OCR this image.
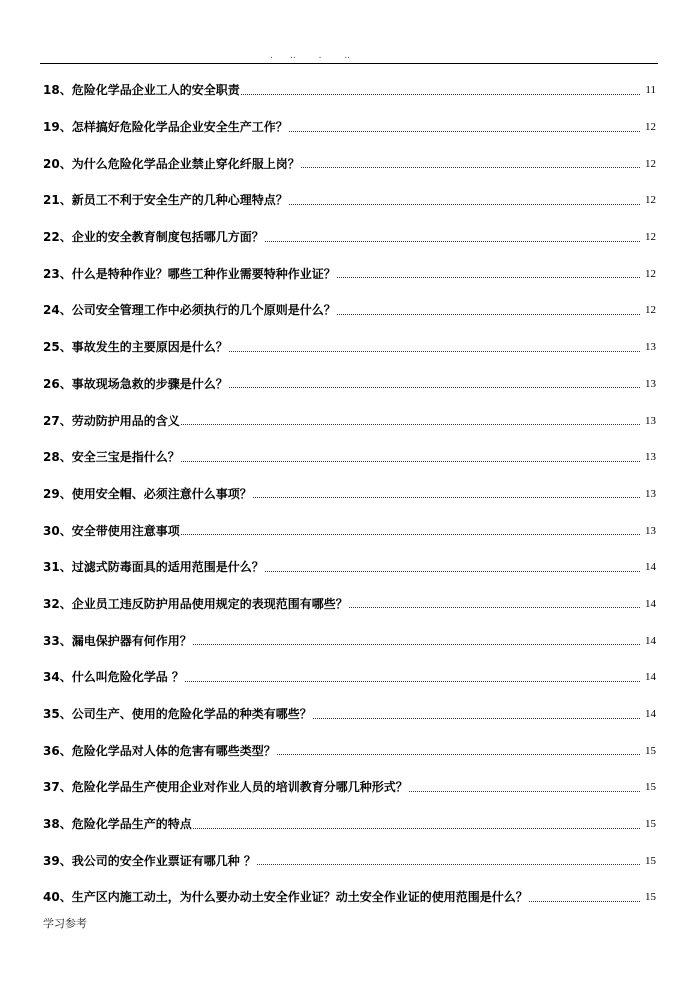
.      ..        .        ..
18、危险化学品企业工人的安全职责	11
19、怎样搞好危险化学品企业安全生产工作？	12
20、为什么危险化学品企业禁止穿化纤服上岗？	12
21、新员工不利于安全生产的几种心理特点？	12
22、企业的安全教育制度包括哪几方面？	12
23、什么是特种作业？哪些工种作业需要特种作业证？	12
24、公司安全管理工作中必须执行的几个原则是什么？	12
25、事故发生的主要原因是什么？	13
26、事故现场急救的步骤是什么？	13
27、劳动防护用品的含义	13
28、安全三宝是指什么？	13
29、使用安全帽、必须注意什么事项？	13
30、安全带使用注意事项	13
31、过滤式防毒面具的适用范围是什么？	14
32、企业员工违反防护用品使用规定的表现范围有哪些？	14
33、漏电保护器有何作用？	14
34、什么叫危险化学品 ？	14
35、公司生产、使用的危险化学品的种类有哪些？	14
36、危险化学品对人体的危害有哪些类型？	15
37、危险化学品生产使用企业对作业人员的培训教育分哪几种形式？	15
38、危险化学品生产的特点	15
39、我公司的安全作业票证有哪几种 ？	15
40、生产区内施工动土，为什么要办动土安全作业证？动土安全作业证的使用范围是什么？	15
学习参考
